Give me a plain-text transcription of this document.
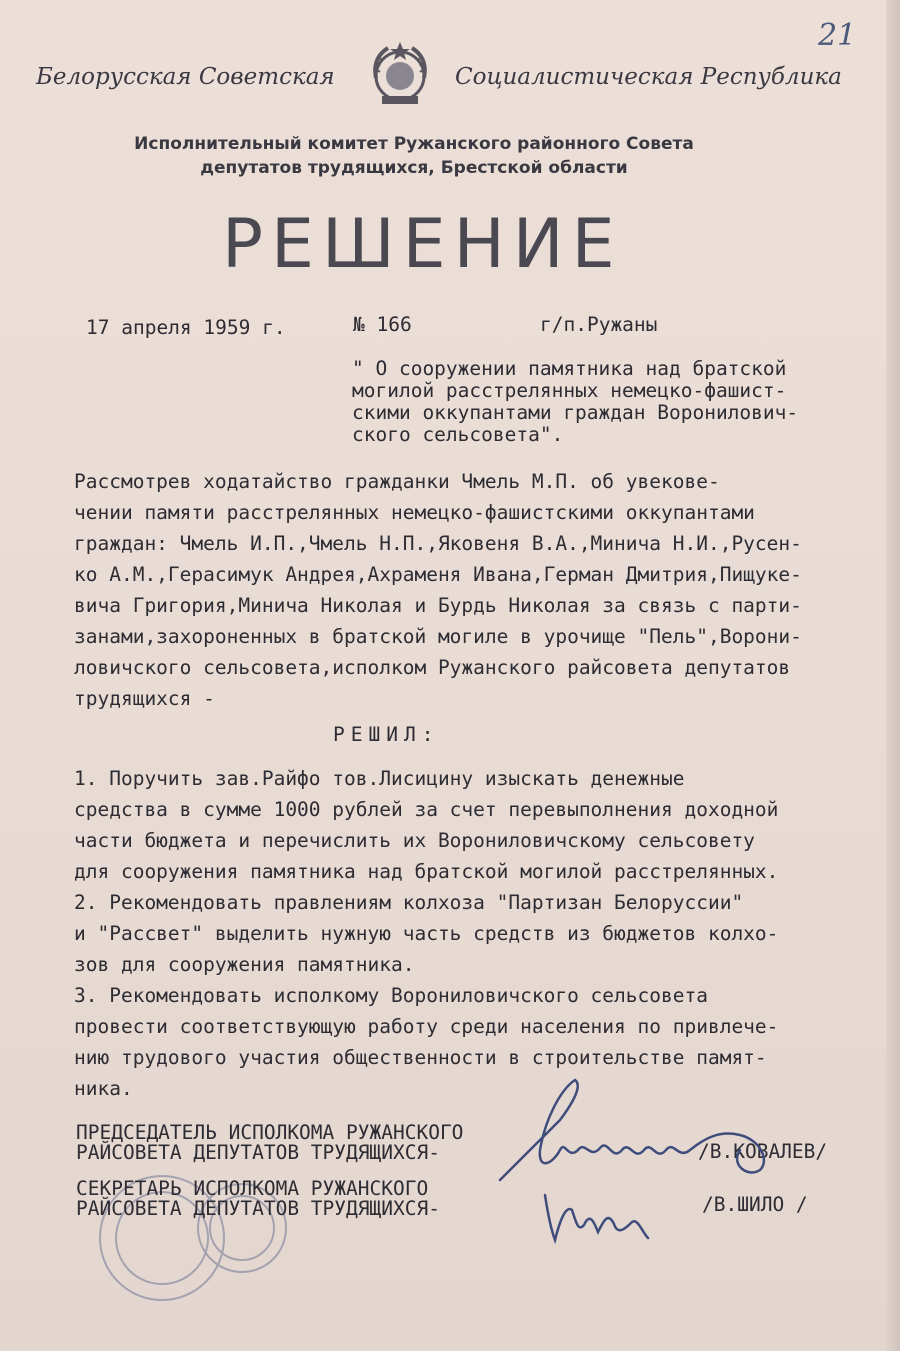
21
Белорусская Советская	Социалистическая Республика
Исполнительный комитет Ружанского районного Совета
депутатов трудящихся, Брестской области
РЕШЕНИЕ
17 апреля 1959 г.	№ 166	г/п.Ружаны
" О сооружении памятника над братской
могилой расстрелянных немецко-фашист-
скими оккупантами граждан Воронилович-
ского сельсовета".
Рассмотрев ходатайство гражданки Чмель М.П. об увекове-
чении памяти расстрелянных немецко-фашистскими оккупантами
граждан: Чмель И.П.,Чмель Н.П.,Яковеня В.А.,Минича Н.И.,Русен-
ко А.М.,Герасимук Андрея,Ахраменя Ивана,Герман Дмитрия,Пищуке-
вича Григория,Минича Николая и Бурдь Николая за связь с парти-
занами,захороненных в братской могиле в урочище "Пель",Ворони-
ловичского сельсовета,исполком Ружанского райсовета депутатов
трудящихся -
РЕШИЛ:
1. Поручить зав.Райфо тов.Лисицину изыскать денежные
средства в сумме 1000 рублей за счет перевыполнения доходной
части бюджета и перечислить их Ворониловичскому сельсовету
для сооружения памятника над братской могилой расстрелянных.
2. Рекомендовать правлениям колхоза "Партизан Белоруссии"
и "Рассвет" выделить нужную часть средств из бюджетов колхо-
зов для сооружения памятника.
3. Рекомендовать исполкому Ворониловичского сельсовета
провести соответствующую работу среди населения по привлече-
нию трудового участия общественности в строительстве памят-
ника.
ПРЕДСЕДАТЕЛЬ ИСПОЛКОМА РУЖАНСКОГО
РАЙСОВЕТА ДЕПУТАТОВ ТРУДЯЩИХСЯ-	/В.КОВАЛЕВ/
СЕКРЕТАРЬ ИСПОЛКОМА РУЖАНСКОГО
РАЙСОВЕТА ДЕПУТАТОВ ТРУДЯЩИХСЯ-	/В.ШИЛО /
